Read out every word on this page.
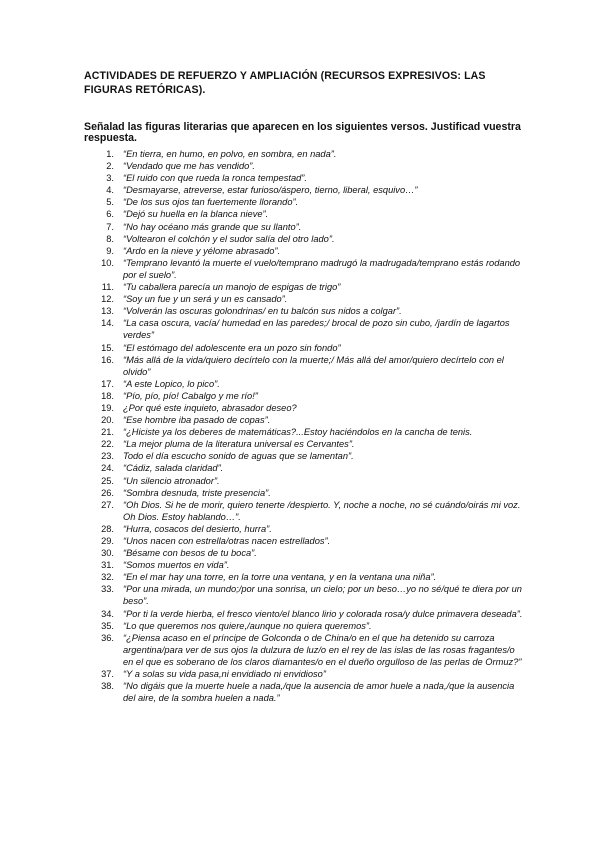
ACTIVIDADES DE REFUERZO Y AMPLIACIÓN (RECURSOS EXPRESIVOS: LAS FIGURAS RETÓRICAS).
Señalad las figuras literarias que aparecen en los siguientes versos. Justificad vuestra respuesta.
1. “En tierra, en humo, en polvo, en sombra, en nada”.
2. “Vendado que me has vendido”.
3. “El ruido con que rueda la ronca tempestad”.
4. “Desmayarse, atreverse, estar furioso/áspero, tierno, liberal, esquivo…”
5. “De los sus ojos tan fuertemente llorando”.
6. “Dejó su huella en la blanca nieve”.
7. “No hay océano más grande que su llanto”.
8. “Voltearon el colchón y el sudor salía del otro lado”.
9. “Ardo en la nieve y yélome abrasado”.
10. “Temprano levantó la muerte el vuelo/temprano madrugó la madrugada/temprano estás rodando por el suelo”.
11. “Tu caballera parecía un manojo de espigas de trigo”
12. “Soy un fue y un será y un es cansado”.
13. “Volverán las oscuras golondrinas/ en tu balcón sus nidos a colgar”.
14. “La casa oscura, vacía/ humedad en las paredes;/ brocal de pozo sin cubo, /jardín de lagartos verdes”
15. “El estómago del adolescente era un pozo sin fondo”
16. “Más allá de la vida/quiero decírtelo con la muerte;/ Más allá del amor/quiero decírtelo con el olvido”
17. “A este Lopico, lo pico”.
18. “Pío, pío, pío! Cabalgo y me río!”
19. ¿Por qué este inquieto, abrasador deseo?
20. “Ese hombre iba pasado de copas”.
21. “¿Hiciste ya los deberes de matemáticas?...Estoy haciéndolos en la cancha de tenis.
22. “La mejor pluma de la literatura universal es Cervantes”.
23. Todo el día escucho sonido de aguas que se lamentan”.
24. “Cádiz, salada claridad”.
25. “Un silencio atronador”.
26. “Sombra desnuda, triste presencia”.
27. “Oh Dios. Si he de morir, quiero tenerte /despierto. Y, noche a noche, no sé cuándo/oirás mi voz. Oh Dios. Estoy hablando…”.
28. “Hurra, cosacos del desierto, hurra”.
29. “Unos nacen con estrella/otras nacen estrellados”.
30. “Bésame con besos de tu boca”.
31. “Somos muertos en vida”.
32. “En el mar hay una torre, en la torre una ventana, y en la ventana una niña”.
33. “Por una mirada, un mundo;/por una sonrisa, un cielo; por un beso…yo no sé/qué te diera por un beso”.
34. “Por ti la verde hierba, el fresco viento/el blanco lirio y colorada rosa/y dulce primavera deseada”.
35. “Lo que queremos nos quiere,/aunque no quiera queremos”.
36. “¿Piensa acaso en el príncipe de Golconda o de China/o en el que ha detenido su carroza argentina/para ver de sus ojos la dulzura de luz/o en el rey de las islas de las rosas fragantes/o en el que es soberano de los claros diamantes/o en el dueño orgulloso de las perlas de Ormuz?”
37. “Y a solas su vida pasa,ni envidiado ni envidioso”
38. “No digáis que la muerte huele a nada,/que la ausencia de amor huele a nada,/que la ausencia del aire, de la sombra huelen a nada.”
